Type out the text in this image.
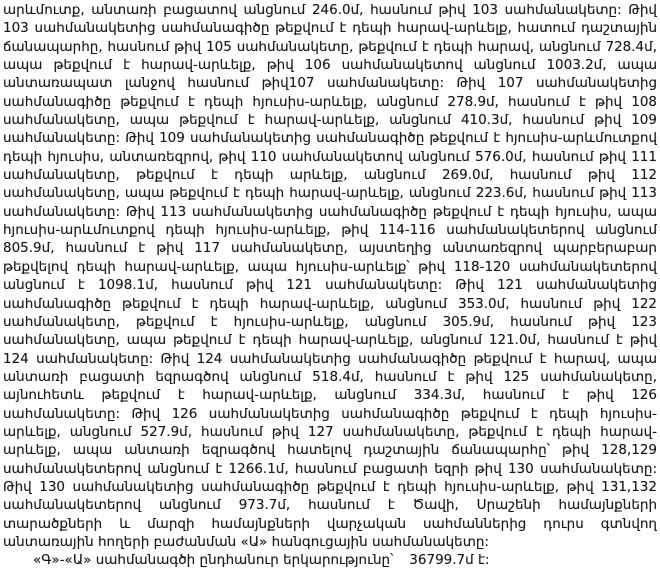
արևմուտք, անտառի բացատով անցնում 246.0մ, հասնում թիվ 103 սահմանակետը: Թիվ
103 սահմանակետից սահմանագիծը թեքվում է դեպի հարավ-արևելք, հատում դաշտային
ճանապարհը, հասնում թիվ 105 սահմանակետը, թեքվում է դեպի հարավ, անցնում 728.4մ,
ապա թեքվում է հարավ-արևելք, թիվ 106 սահմանակետով անցնում 1003.2մ, ապա
անտառապատ լանջով հասնում թիվ107 սահմանակետը: Թիվ 107 սահմանակետից
սահմանագիծը թեքվում է դեպի հյուսիս-արևելք, անցնում 278.9մ, հասնում է թիվ 108
սահմանակետը, ապա թեքվում է հարավ-արևելք, անցնում 410.3մ, հասնում թիվ 109
սահմանակետը: Թիվ 109 սահմանակետից սահմանագիծը թեքվում է հյուսիս-արևմուտքով
դեպի հյուսիս, անտառեզրով, թիվ 110 սահմանակետով անցնում 576.0մ, հասնում թիվ 111
սահմանակետը, թեքվում է դեպի արևելք, անցնում 269.0մ, հասնում թիվ 112
սահմանակետը, ապա թեքվում է դեպի հարավ-արևելք, անցնում 223.6մ, հասնում թիվ 113
սահմանակետը: Թիվ 113 սահմանակետից սահմանագիծը թեքվում է դեպի հյուսիս, ապա
հյուսիս-արևմուտքով դեպի հյուսիս-արևելք, թիվ 114-116 սահմանակետերով անցնում
805.9մ, հասնում է թիվ 117 սահմանակետը, այստեղից անտառեզրով պարբերաբար
թեքվելով դեպի հարավ-արևելք, ապա հյուսիս-արևելք՝ թիվ 118-120 սահմանակետերով
անցնում է 1098.1մ, հասնում թիվ 121 սահմանակետը: Թիվ 121 սահմանակետից
սահմանագիծը թեքվում է դեպի հարավ-արևելք, անցնում 353.0մ, հասնում թիվ 122
սահմանակետը, թեքվում է հյուսիս-արևելք, անցնում 305.9մ, հասնում թիվ 123
սահմանակետը, ապա թեքվում է դեպի հարավ-արևելք, անցնում 121.0մ, հասնում է թիվ
124 սահմանակետը: Թիվ 124 սահմանակետից սահմանագիծը թեքվում է հարավ, ապա
անտառի բացատի եզրագծով անցնում 518.4մ, հասնում է թիվ 125 սահմանակետը,
այնուհետև թեքվում է հարավ-արևելք, անցնում 334.3մ, հասնում է թիվ 126
սահմանակետը: Թիվ 126 սահմանակետից սահմանագիծը թեքվում է դեպի հյուսիս-
արևելք, անցնում 527.9մ, հասնում թիվ 127 սահմանակետը, թեքվում է դեպի հարավ-
արևելք, ապա անտառի եզրագծով հատելով դաշտային ճանապարհը՝ թիվ 128,129
սահմանակետերով անցնում է 1266.1մ, հասնում բացատի եզրի թիվ 130 սահմանակետը:
Թիվ 130 սահմանակետից սահմանագիծը թեքվում է դեպի հյուսիս-արևելք, թիվ 131,132
սահմանակետերով անցնում 973.7մ, հասնում է Ծավի, Սրաշենի համայնքների
տարածքների և մարզի համայնքների վարչական սահմաններից դուրս գտնվող
անտառային հողերի բաժանման «Ա» հանգուցային սահմանակետը:
«Գ»-«Ա» սահմանագծի ընդհանուր երկարությունը՝ 36799.7մ է:
